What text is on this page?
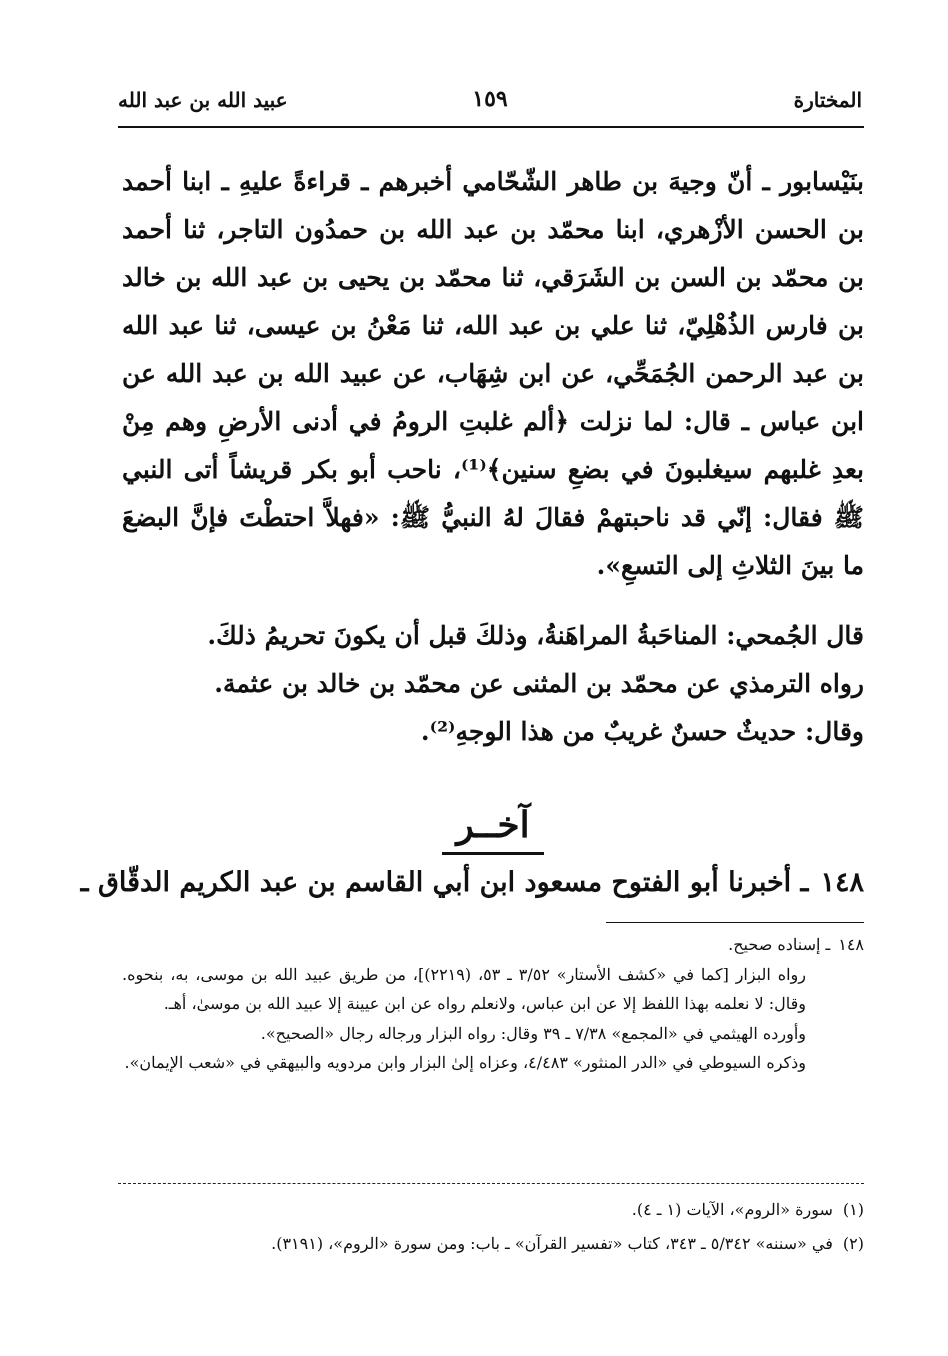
المختارة
١٥٩
عبيد الله بن عبد الله

بنَيْسابور ـ أنّ وجيهَ بن طاهر الشّحّامي أخبرهم ـ قراءةً عليهِ ـ ابنا أحمد بن الحسن الأزْهري، ابنا محمّد بن عبد الله بن حمدُون التاجر، ثنا أحمد بن محمّد بن السن بن الشَرَقي، ثنا محمّد بن يحيى بن عبد الله بن خالد بن فارس الذُهْلِيّ، ثنا علي بن عبد الله، ثنا مَعْنُ بن عيسى، ثنا عبد الله بن عبد الرحمن الجُمَحِّي، عن ابن شِهَاب، عن عبيد الله بن عبد الله عن ابن عباس ـ قال: لما نزلت ﴿ألم غلبتِ الرومُ في أدنى الأرضِ وهم مِنْ بعدِ غلبهم سيغلبونَ في بضعِ سنين﴾⁽¹⁾، ناحب أبو بكر قريشاً أتى النبي ﷺ فقال: إنّي قد ناحبتهمْ فقالَ لهُ النبيُّ ﷺ: «فهلاَّ احتطْتَ فإنَّ البضعَ ما بينَ الثلاثِ إلى التسعِ».

قال الجُمحي: المناحَبةُ المراهَنةُ، وذلكَ قبل أن يكونَ تحريمُ ذلكَ.

رواه الترمذي عن محمّد بن المثنى عن محمّد بن خالد بن عثمة.

وقال: حديثٌ حسنٌ غريبٌ من هذا الوجهِ⁽²⁾.

آخــر
١٤٨ـ أخبرنا أبو الفتوح مسعود ابن أبي القاسم بن عبد الكريم الدقّاق ـ

١٤٨ـ إسناده صحيح.

رواه البزار [كما في «كشف الأستار» ٣/٥٢ ـ ٥٣، (٢٢١٩)]، من طريق عبيد الله بن موسى، به، بنحوه. وقال: لا نعلمه بهذا اللفظ إلا عن ابن عباس، ولانعلم رواه عن ابن عيينة إلا عبيد الله بن موسىٰ، أهـ.

وأورده الهيثمي في «المجمع» ٧/٣٨ ـ ٣٩ وقال: رواه البزار ورجاله رجال «الصحيح».

وذكره السيوطي في «الدر المنثور» ٤/٤٨٣، وعزاه إلىٰ البزار وابن مردويه والبيهقي في «شعب الإيمان».

(١)سورة «الروم»، الآيات (١ ـ ٤).

(٢)في «سننه» ٥/٣٤٢ ـ ٣٤٣، كتاب «تفسير القرآن» ـ باب: ومن سورة «الروم»، (٣١٩١).
